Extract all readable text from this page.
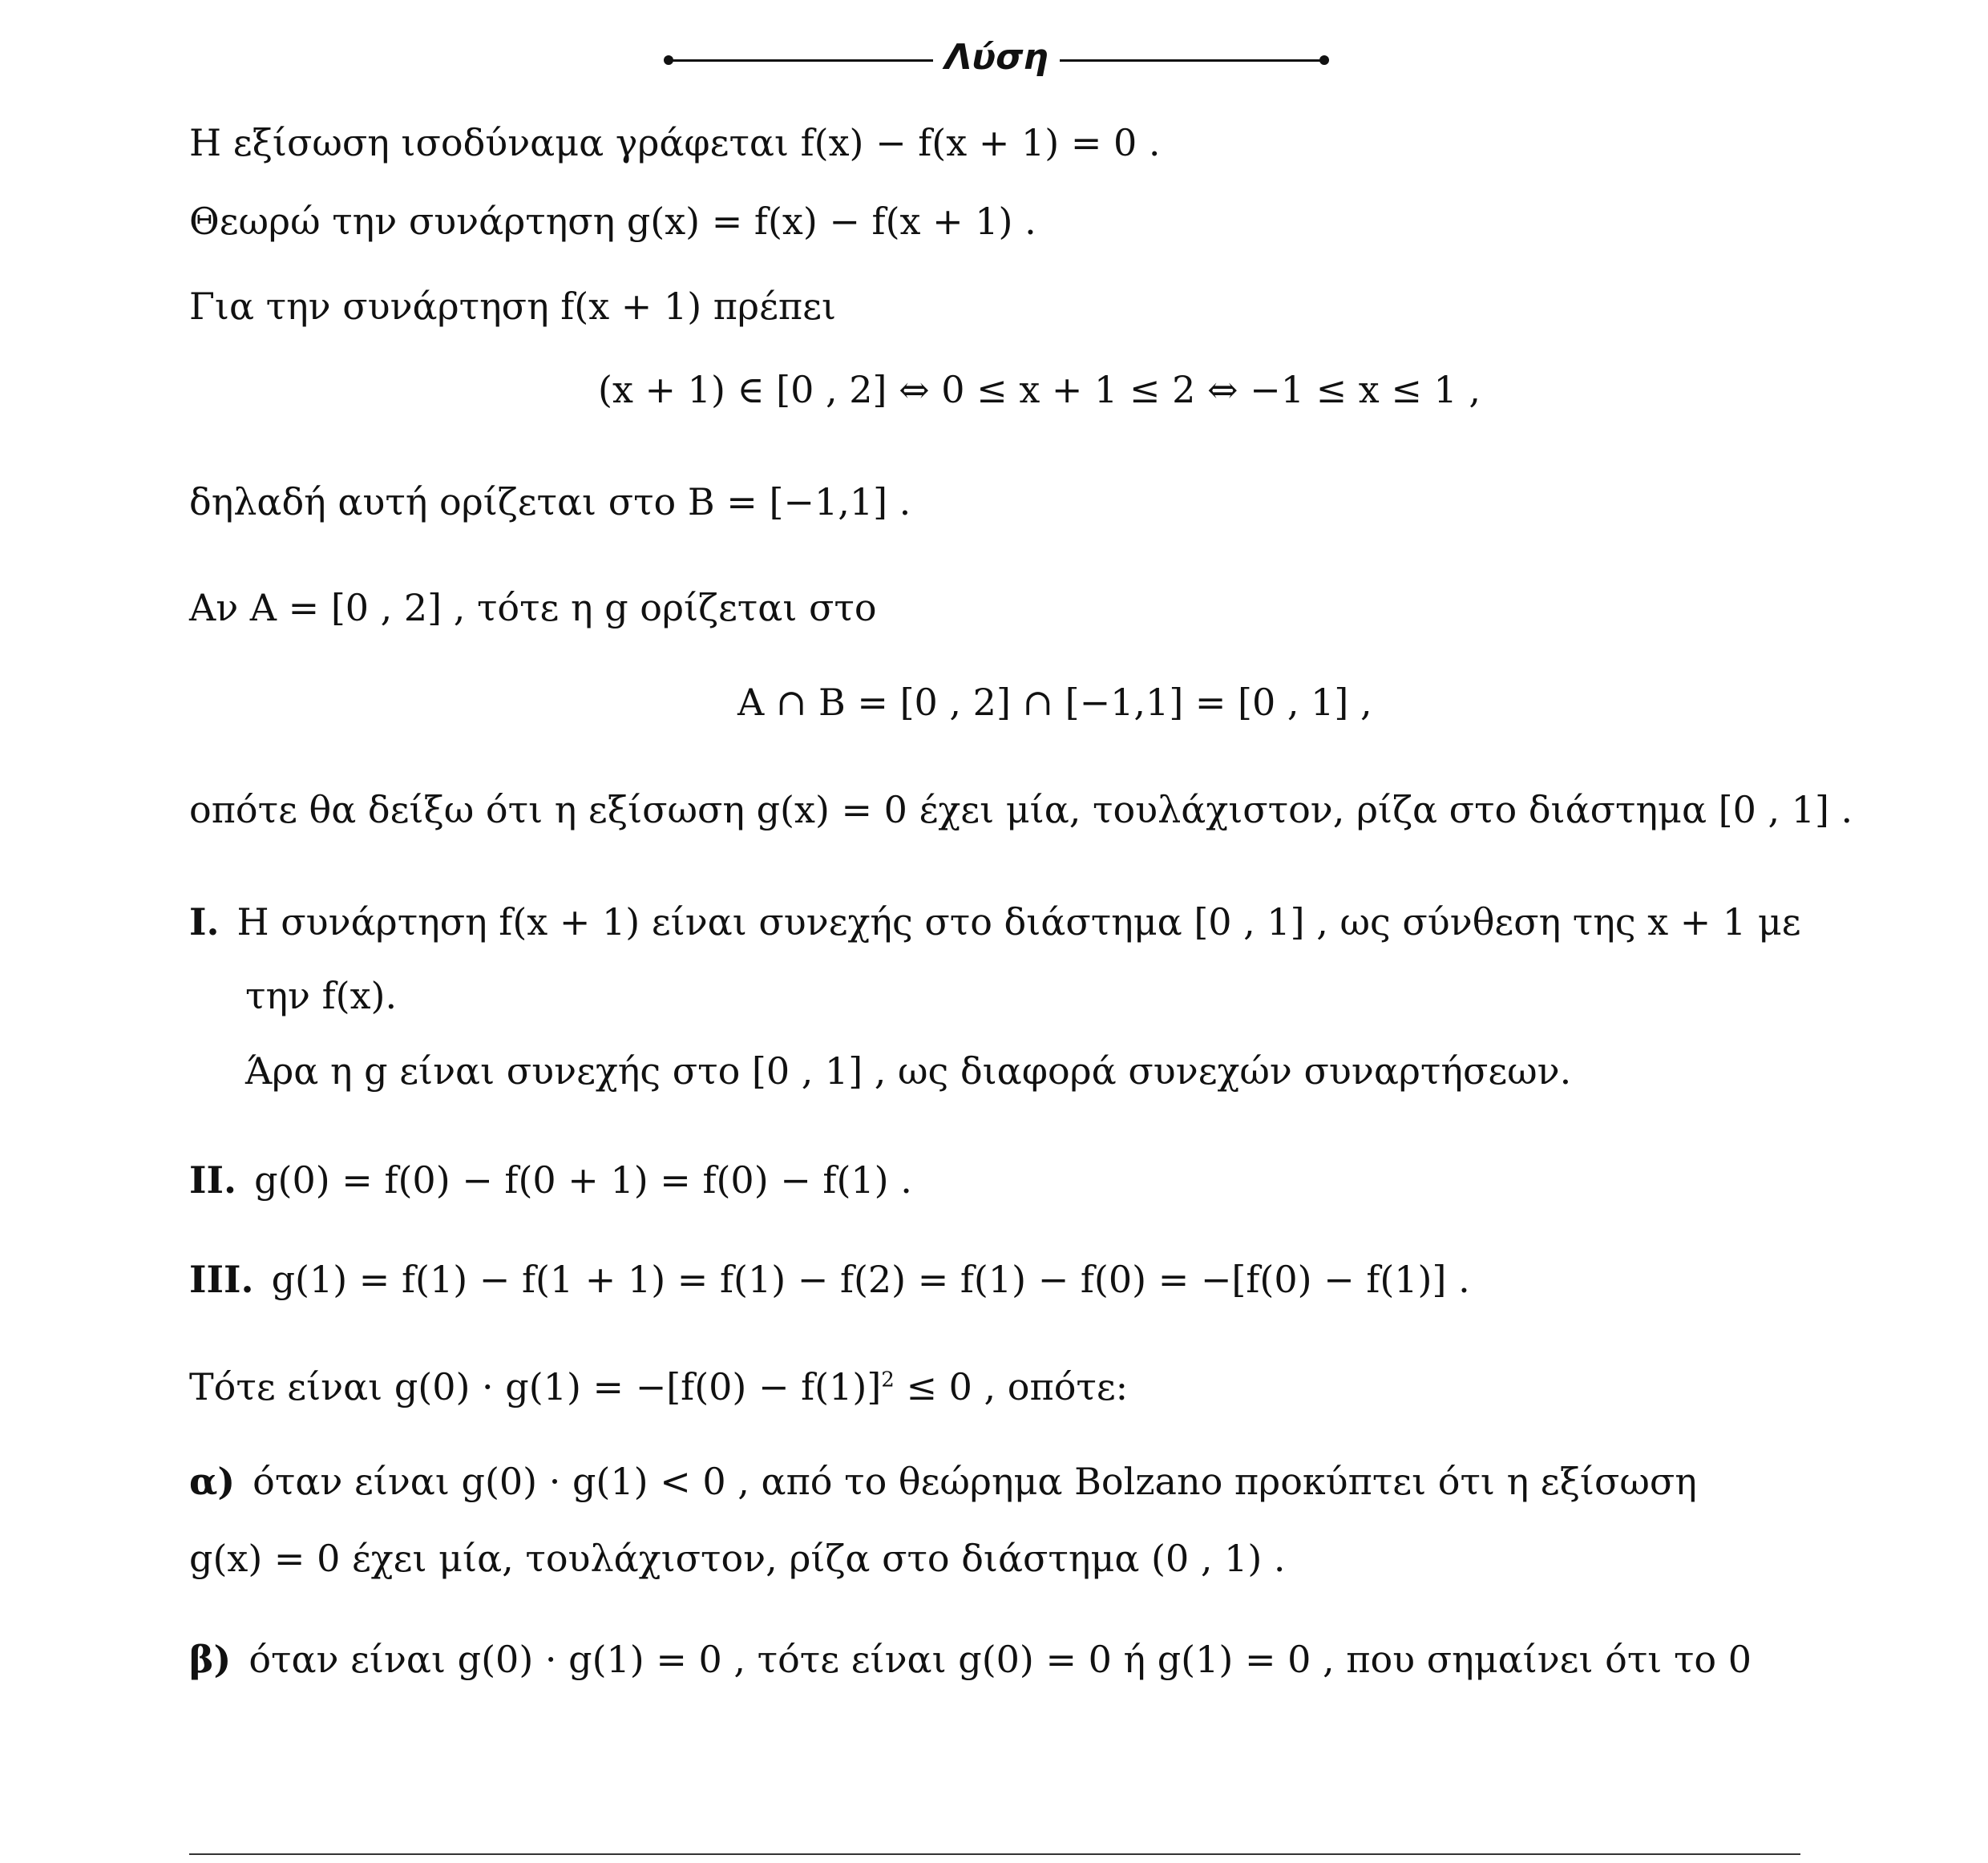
Λύση
Η εξίσωση ισοδύναμα γράφεται f(x) − f(x + 1) = 0 .
Θεωρώ την συνάρτηση g(x) = f(x) − f(x + 1) .
Για την συνάρτηση f(x + 1) πρέπει
(x + 1) ∈ [0 , 2] ⇔ 0 ≤ x + 1 ≤ 2 ⇔ −1 ≤ x ≤ 1 ,
δηλαδή αυτή ορίζεται στο Β = [−1,1] .
Αν Α = [0 , 2] , τότε η g ορίζεται στο
Α ∩ Β = [0 , 2] ∩ [−1,1] = [0 , 1] ,
οπότε θα δείξω ότι η εξίσωση g(x) = 0 έχει μία, τουλάχιστον, ρίζα στο διάστημα [0 , 1] .
Ι. Η συνάρτηση f(x + 1) είναι συνεχής στο διάστημα [0 , 1] , ως σύνθεση της x + 1 με
την f(x).
Άρα η g είναι συνεχής στο [0 , 1] , ως διαφορά συνεχών συναρτήσεων.
ΙΙ. g(0) = f(0) − f(0 + 1) = f(0) − f(1) .
ΙΙΙ. g(1) = f(1) − f(1 + 1) = f(1) − f(2) = f(1) − f(0) = −[f(0) − f(1)] .
Τότε είναι $g(0) \cdot g(1) = -[f(0) - f(1)]^2 \le 0$ , οπότε:
α) όταν είναι g(0) · g(1) < 0 , από το θεώρημα Bolzano προκύπτει ότι η εξίσωση
g(x) = 0 έχει μία, τουλάχιστον, ρίζα στο διάστημα (0 , 1) .
β) όταν είναι g(0) · g(1) = 0 , τότε είναι g(0) = 0 ή g(1) = 0 , που σημαίνει ότι το 0
